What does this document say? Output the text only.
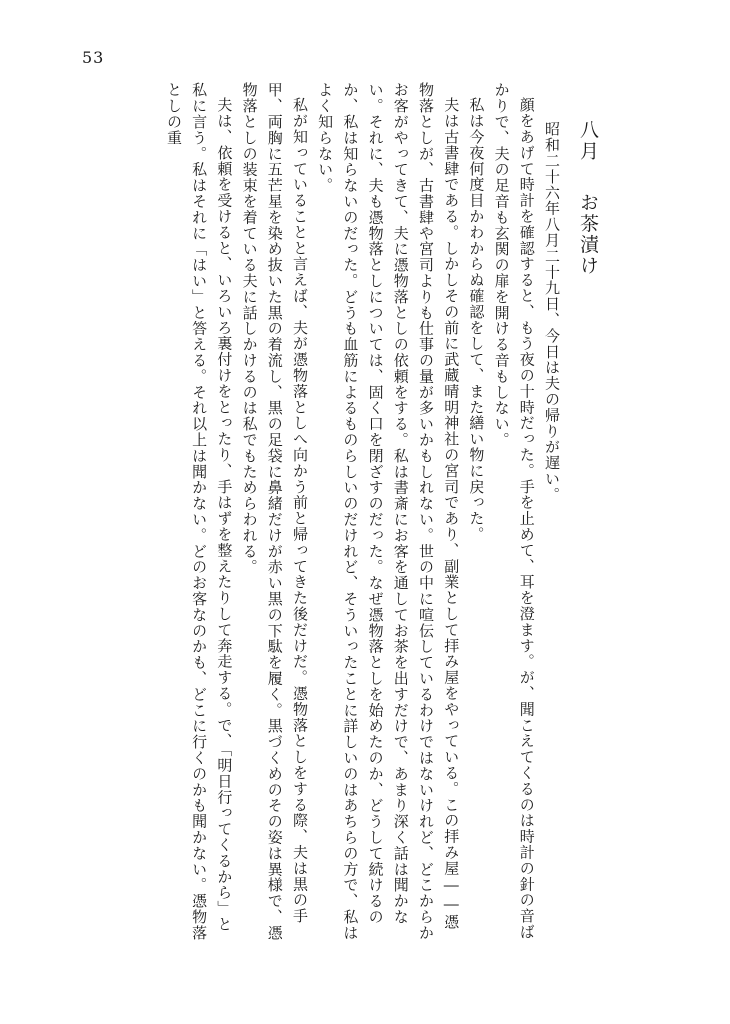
53

八月お茶漬け

昭和二十六年八月二十九日、今日は夫の帰りが遅い。

顔をあげて時計を確認すると、もう夜の十時だった。手を止めて、耳を澄ます。が、聞こえてくるのは時計の針の音ばかりで、夫の足音も玄関の扉を開ける音もしない。

私は今夜何度目かわからぬ確認をして、また繕い物に戻った。

夫は古書肆である。しかしその前に武蔵晴明神社の宮司であり、副業として拝み屋をやっている。この拝み屋――憑物落としが、古書肆や宮司よりも仕事の量が多いかもしれない。世の中に喧伝しているわけではないけれど、どこからかお客がやってきて、夫に憑物落としの依頼をする。私は書斎にお客を通してお茶を出すだけで、あまり深く話は聞かない。それに、夫も憑物落としについては、固く口を閉ざすのだった。なぜ憑物落としを始めたのか、どうして続けるのか、私は知らないのだった。どうも血筋によるものらしいのだけれど、そういったことに詳しいのはあちらの方で、私はよく知らない。

私が知っていることと言えば、夫が憑物落としへ向かう前と帰ってきた後だけだ。憑物落としをする際、夫は黒の手甲、両胸に五芒星を染め抜いた黒の着流し、黒の足袋に鼻緒だけが赤い黒の下駄を履く。黒づくめのその姿は異様で、憑物落としの装束を着ている夫に話しかけるのは私でもためらわれる。

夫は、依頼を受けると、いろいろ裏付けをとったり、手はずを整えたりして奔走する。で、「明日行ってくるから」と私に言う。私はそれに「はい」と答える。それ以上は聞かない。どのお客なのかも、どこに行くのかも聞かない。憑物落としの重
